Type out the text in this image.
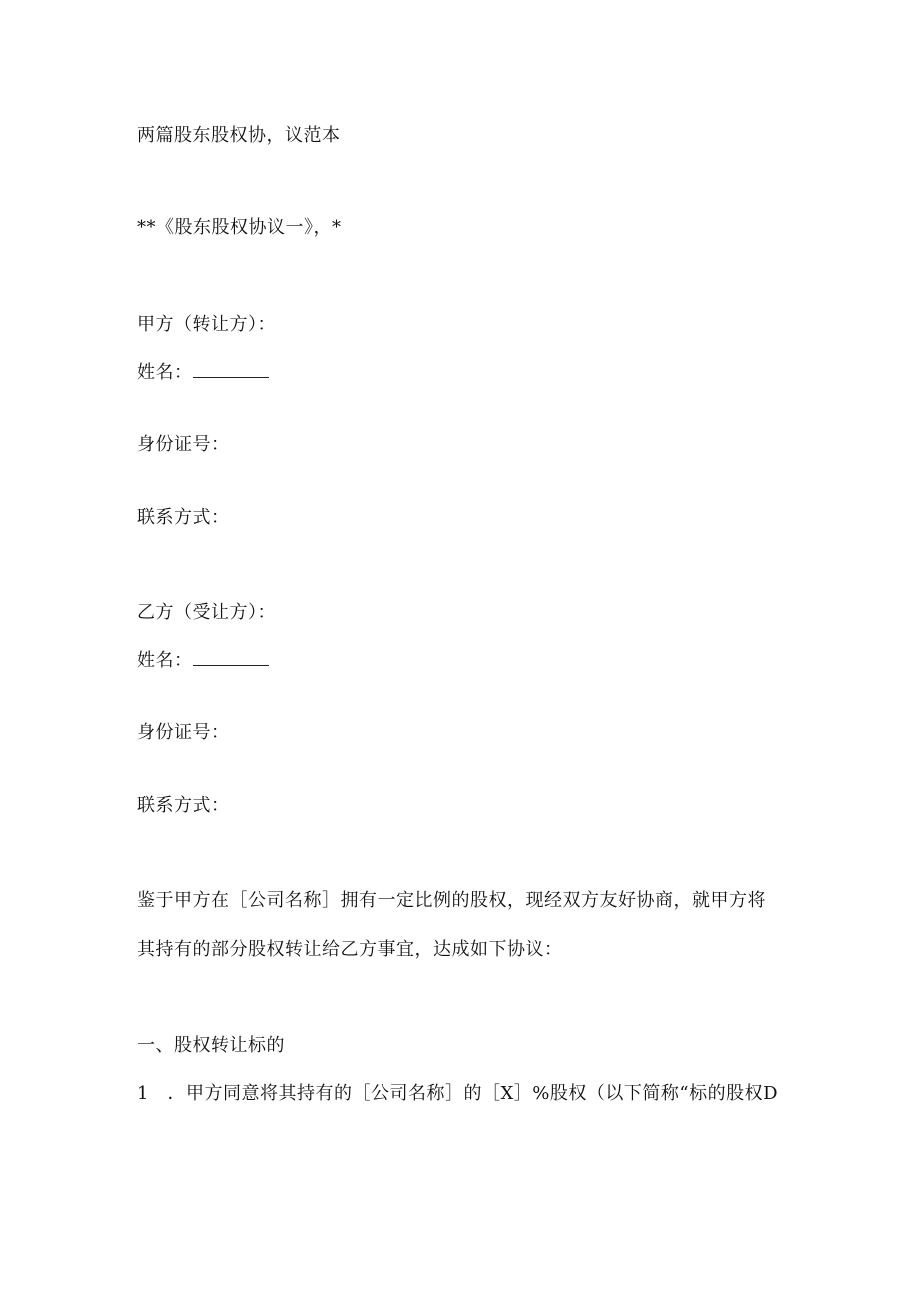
两篇股东股权协，议范本
**《股东股权协议一》，*
甲方（转让方）：
姓名：
身份证号：
联系方式：
乙方（受让方）：
姓名：
身份证号：
联系方式：
鉴于甲方在［公司名称］拥有一定比例的股权，现经双方友好协商，就甲方将
其持有的部分股权转让给乙方事宜，达成如下协议：
一、股权转让标的
1　．甲方同意将其持有的［公司名称］的［X］%股权（以下简称“标的股权D
